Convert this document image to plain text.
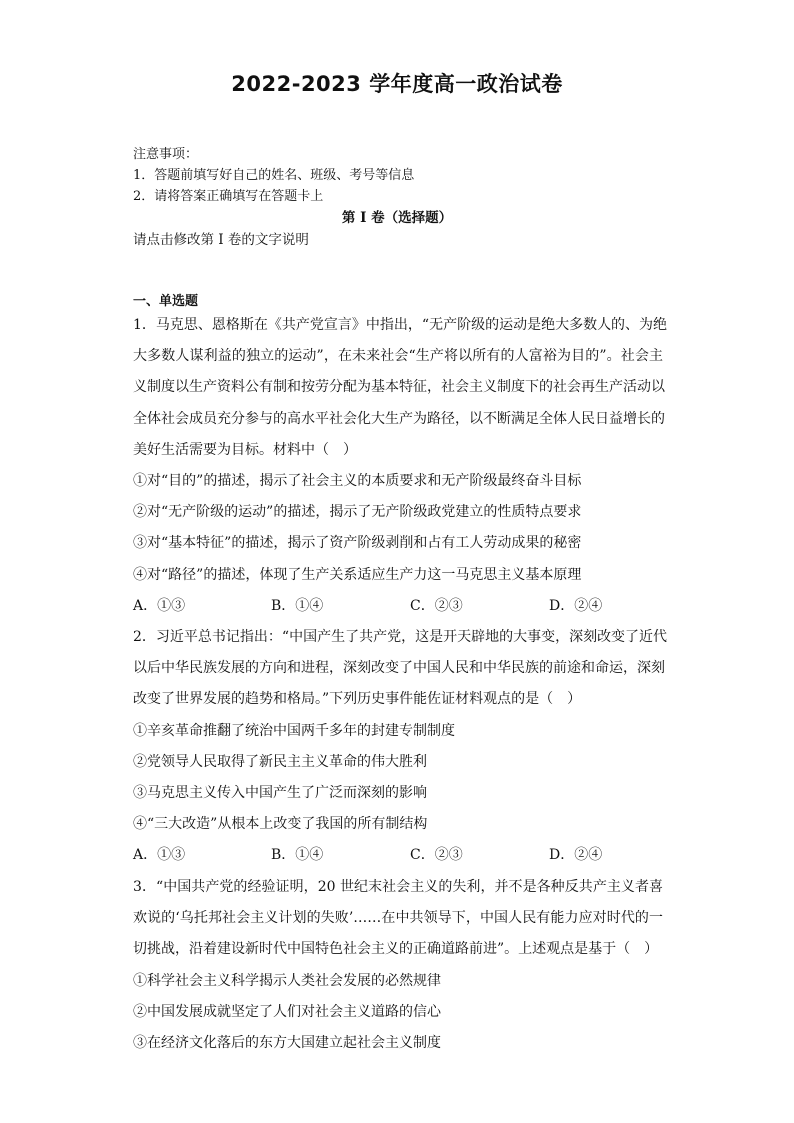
2022-2023 学年度高一政治试卷
注意事项：
1．答题前填写好自己的姓名、班级、考号等信息
2．请将答案正确填写在答题卡上
第 I 卷（选择题）
请点击修改第 I 卷的文字说明
一、单选题
1．马克思、恩格斯在《共产党宣言》中指出，“无产阶级的运动是绝大多数人的、为绝
大多数人谋利益的独立的运动”，在未来社会“生产将以所有的人富裕为目的”。社会主
义制度以生产资料公有制和按劳分配为基本特征，社会主义制度下的社会再生产活动以
全体社会成员充分参与的高水平社会化大生产为路径，以不断满足全体人民日益增长的
美好生活需要为目标。材料中（　）
①对“目的”的描述，揭示了社会主义的本质要求和无产阶级最终奋斗目标
②对“无产阶级的运动”的描述，揭示了无产阶级政党建立的性质特点要求
③对“基本特征”的描述，揭示了资产阶级剥削和占有工人劳动成果的秘密
④对“路径”的描述，体现了生产关系适应生产力这一马克思主义基本原理
A．①③	B．①④	C．②③	D．②④
2．习近平总书记指出：“中国产生了共产党，这是开天辟地的大事变，深刻改变了近代
以后中华民族发展的方向和进程，深刻改变了中国人民和中华民族的前途和命运，深刻
改变了世界发展的趋势和格局。”下列历史事件能佐证材料观点的是（　）
①辛亥革命推翻了统治中国两千多年的封建专制制度
②党领导人民取得了新民主主义革命的伟大胜利
③马克思主义传入中国产生了广泛而深刻的影响
④“三大改造”从根本上改变了我国的所有制结构
A．①③	B．①④	C．②③	D．②④
3．“中国共产党的经验证明，20 世纪末社会主义的失利，并不是各种反共产主义者喜
欢说的‘乌托邦社会主义计划的失败’……在中共领导下，中国人民有能力应对时代的一
切挑战，沿着建设新时代中国特色社会主义的正确道路前进”。上述观点是基于（　）
①科学社会主义科学揭示人类社会发展的必然规律
②中国发展成就坚定了人们对社会主义道路的信心
③在经济文化落后的东方大国建立起社会主义制度
